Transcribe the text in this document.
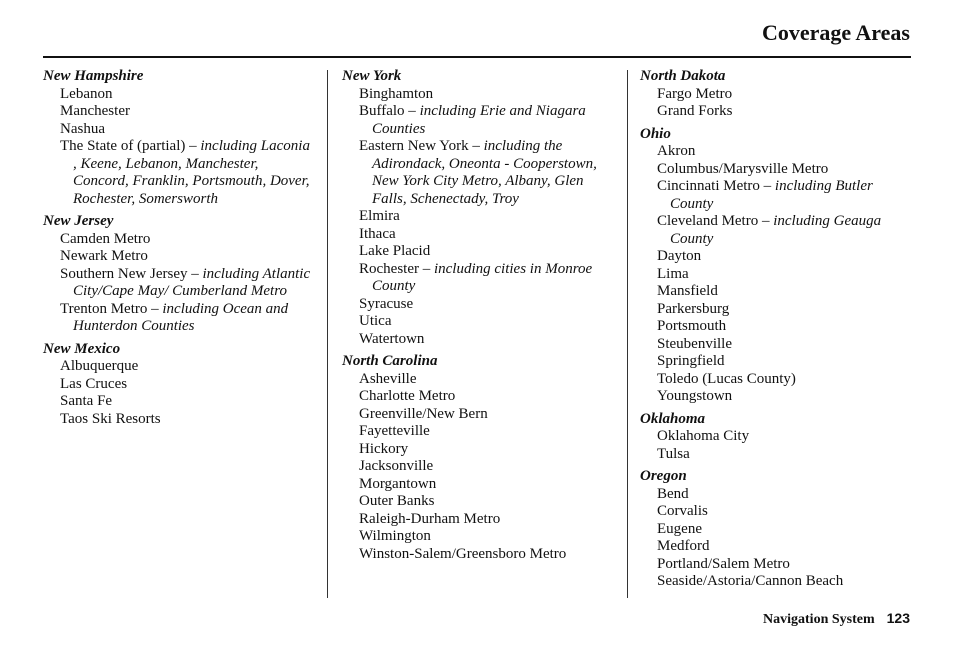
Coverage Areas
New Hampshire
Lebanon
Manchester
Nashua
The State of (partial) – including Laconia , Keene, Lebanon, Manchester, Concord, Franklin, Portsmouth, Dover, Rochester, Somersworth
New Jersey
Camden Metro
Newark Metro
Southern New Jersey – including Atlantic City/Cape May/ Cumberland Metro
Trenton Metro – including Ocean and Hunterdon Counties
New Mexico
Albuquerque
Las Cruces
Santa Fe
Taos Ski Resorts
New York
Binghamton
Buffalo – including Erie and Niagara Counties
Eastern New York – including the Adirondack, Oneonta - Cooperstown, New York City Metro, Albany, Glen Falls, Schenectady, Troy
Elmira
Ithaca
Lake Placid
Rochester – including cities in Monroe County
Syracuse
Utica
Watertown
North Carolina
Asheville
Charlotte Metro
Greenville/New Bern
Fayetteville
Hickory
Jacksonville
Morgantown
Outer Banks
Raleigh-Durham Metro
Wilmington
Winston-Salem/Greensboro Metro
North Dakota
Fargo Metro
Grand Forks
Ohio
Akron
Columbus/Marysville Metro
Cincinnati Metro – including Butler County
Cleveland Metro – including Geauga County
Dayton
Lima
Mansfield
Parkersburg
Portsmouth
Steubenville
Springfield
Toledo (Lucas County)
Youngstown
Oklahoma
Oklahoma City
Tulsa
Oregon
Bend
Corvalis
Eugene
Medford
Portland/Salem Metro
Seaside/Astoria/Cannon Beach
Navigation System 123
